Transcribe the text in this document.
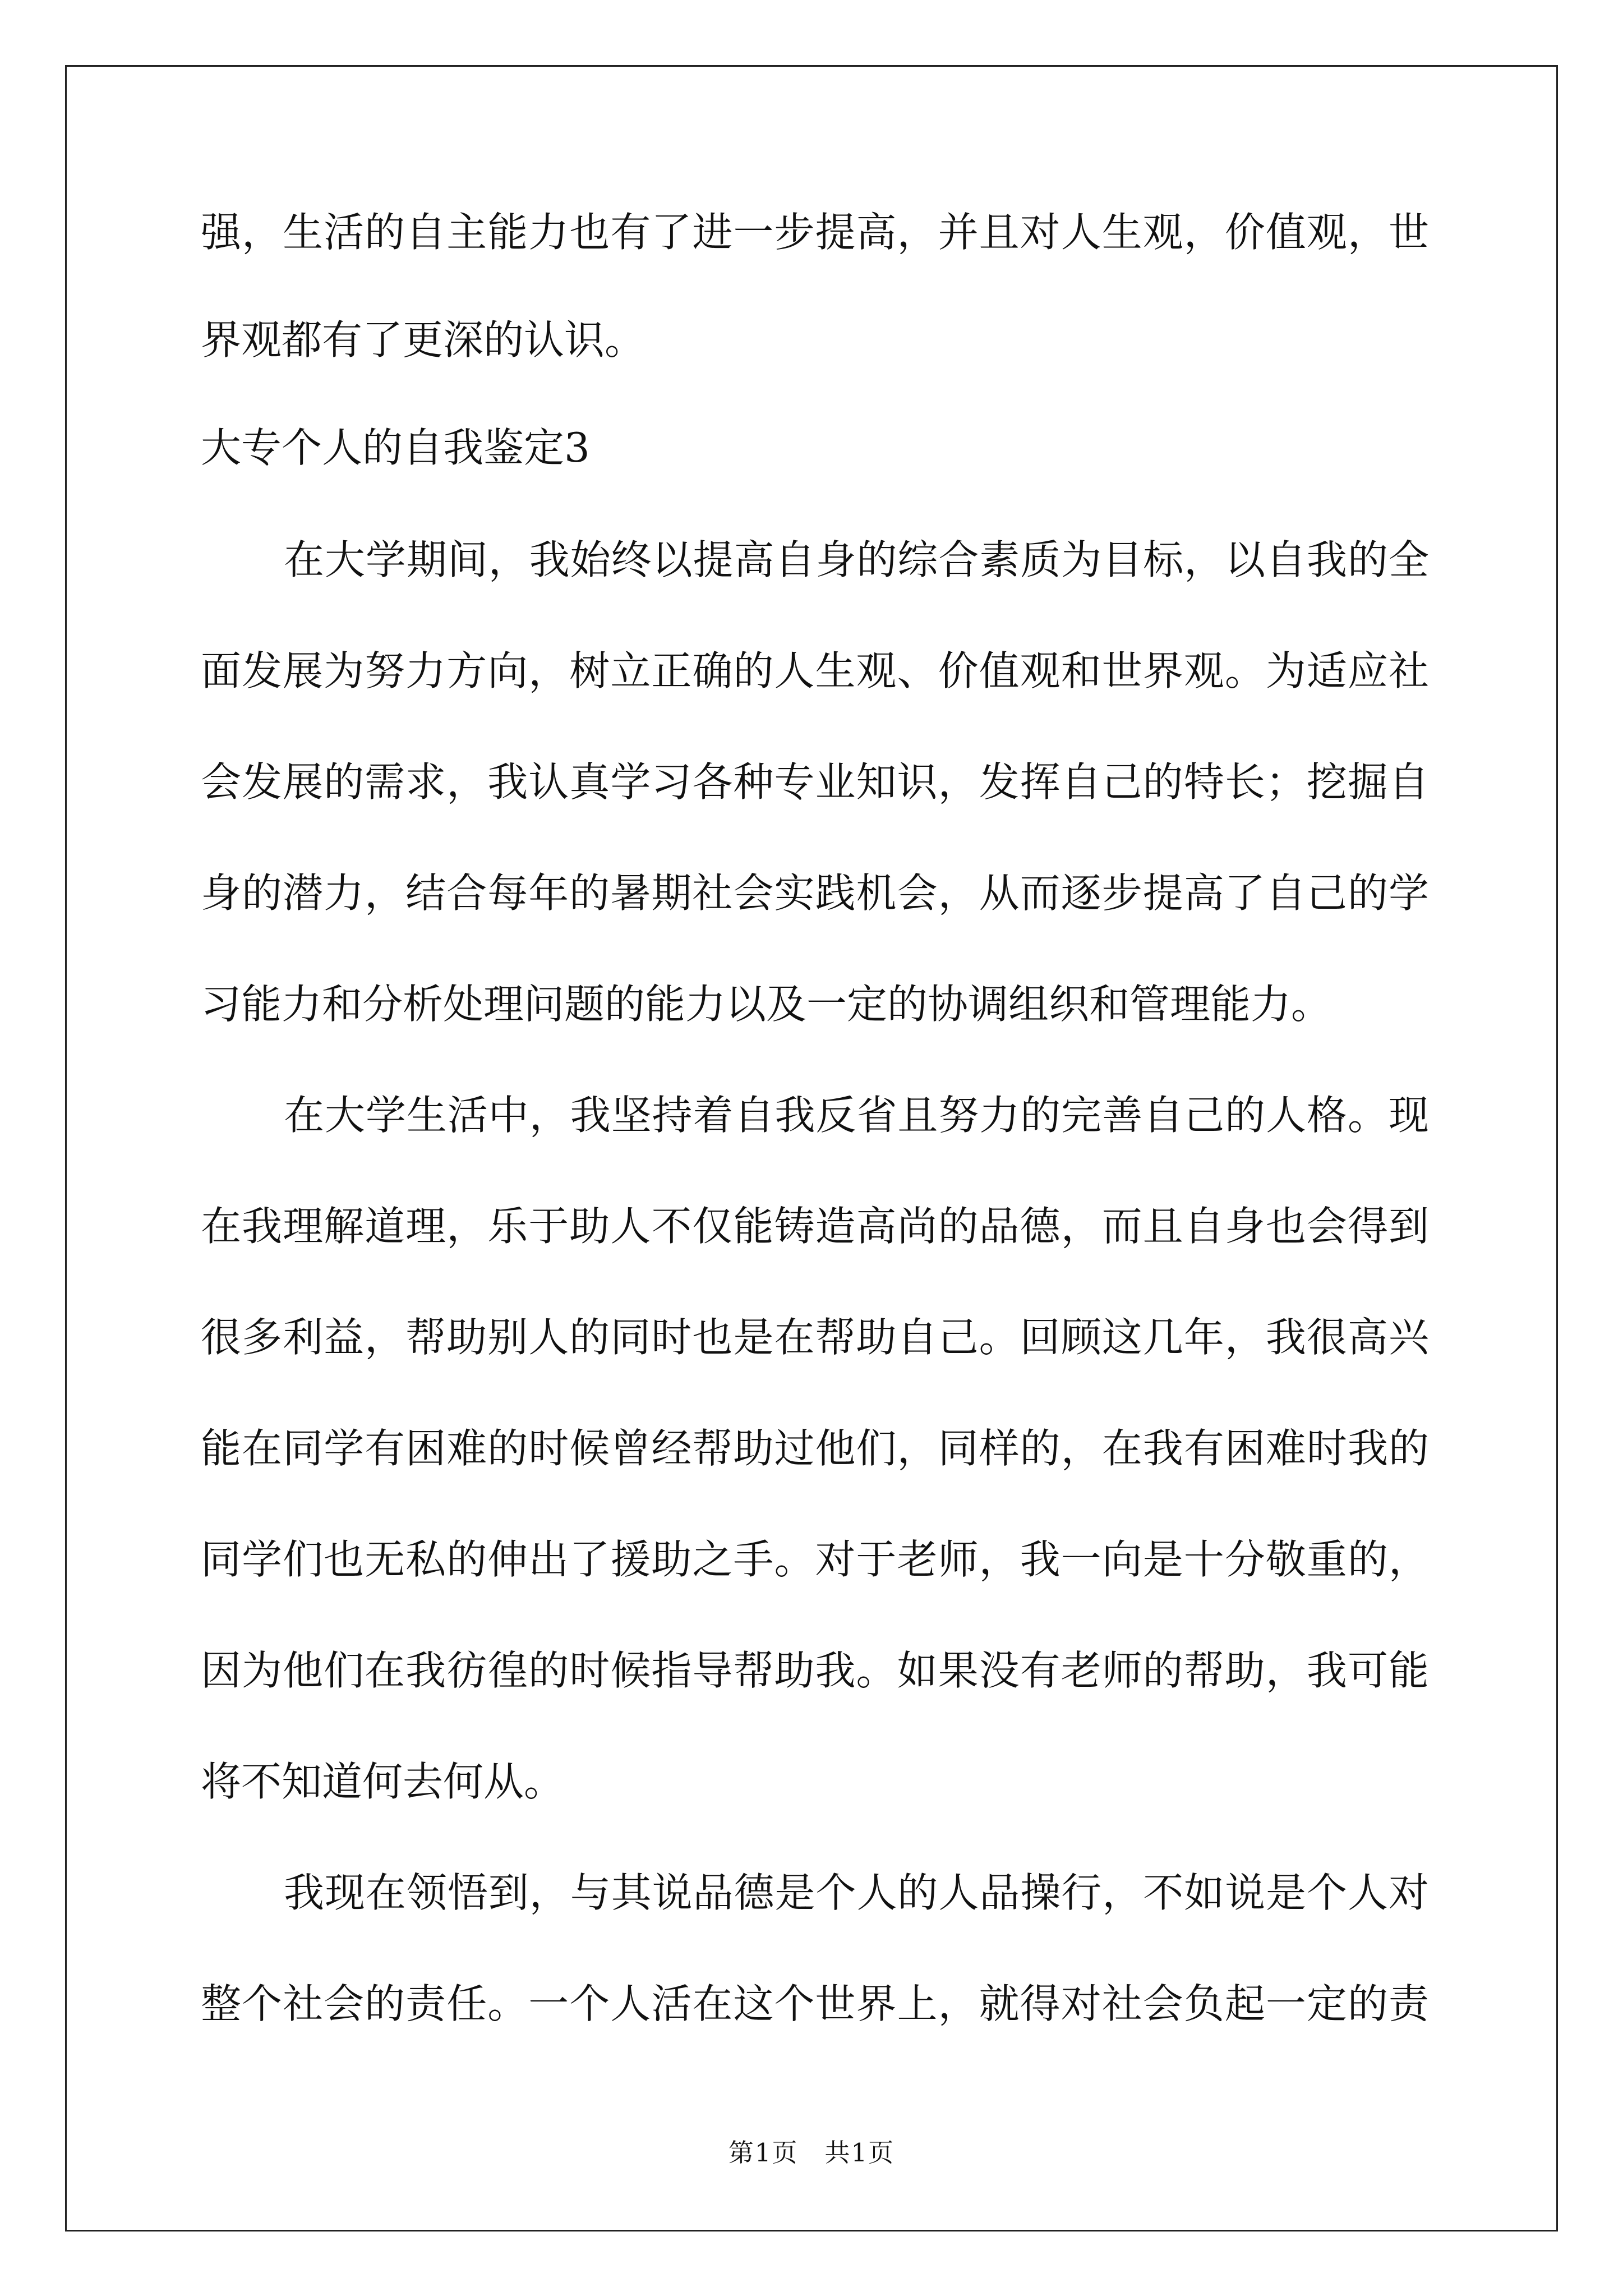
强，生活的自主能力也有了进一步提高，并且对人生观，价值观，世
界观都有了更深的认识。
大专个人的自我鉴定3
在大学期间，我始终以提高自身的综合素质为目标，以自我的全
面发展为努力方向，树立正确的人生观、价值观和世界观。为适应社
会发展的需求，我认真学习各种专业知识，发挥自己的特长；挖掘自
身的潜力，结合每年的暑期社会实践机会，从而逐步提高了自己的学
习能力和分析处理问题的能力以及一定的协调组织和管理能力。
在大学生活中，我坚持着自我反省且努力的完善自己的人格。现
在我理解道理，乐于助人不仅能铸造高尚的品德，而且自身也会得到
很多利益，帮助别人的同时也是在帮助自己。回顾这几年，我很高兴
能在同学有困难的时候曾经帮助过他们，同样的，在我有困难时我的
同学们也无私的伸出了援助之手。对于老师，我一向是十分敬重的，
因为他们在我彷徨的时候指导帮助我。如果没有老师的帮助，我可能
将不知道何去何从。
我现在领悟到，与其说品德是个人的人品操行，不如说是个人对
整个社会的责任。一个人活在这个世界上，就得对社会负起一定的责
第1页　共1页
